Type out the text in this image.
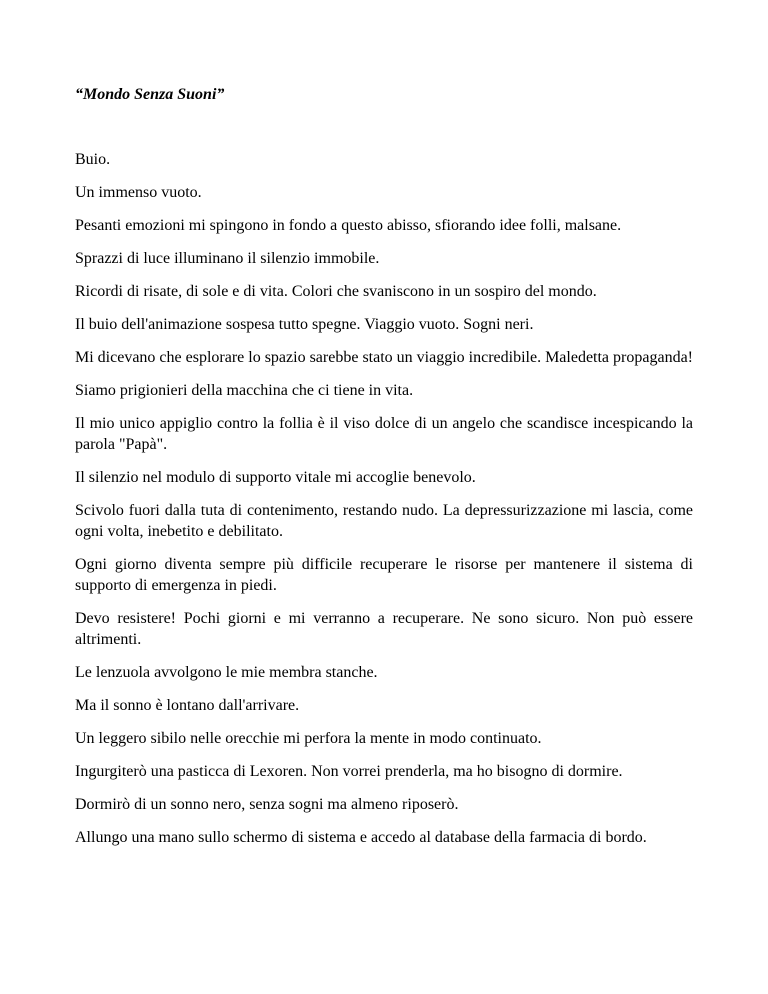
“Mondo Senza Suoni”

Buio.

Un immenso vuoto.

Pesanti emozioni mi spingono in fondo a questo abisso, sfiorando idee folli, malsane.

Sprazzi di luce illuminano il silenzio immobile.

Ricordi di risate, di sole e di vita. Colori che svaniscono in un sospiro del mondo.

Il buio dell'animazione sospesa tutto spegne. Viaggio vuoto. Sogni neri.

Mi dicevano che esplorare lo spazio sarebbe stato un viaggio incredibile. Maledetta propaganda!

Siamo prigionieri della macchina che ci tiene in vita.

Il mio unico appiglio contro la follia è il viso dolce di un angelo che scandisce incespicando la parola "Papà".

Il silenzio nel modulo di supporto vitale mi accoglie benevolo.

Scivolo fuori dalla tuta di contenimento, restando nudo. La depressurizzazione mi lascia, come ogni volta, inebetito e debilitato.

Ogni giorno diventa sempre più difficile recuperare le risorse per mantenere il sistema di supporto di emergenza in piedi.

Devo resistere! Pochi giorni e mi verranno a recuperare. Ne sono sicuro. Non può essere altrimenti.

Le lenzuola avvolgono le mie membra stanche.

Ma il sonno è lontano dall'arrivare.

Un leggero sibilo nelle orecchie mi perfora la mente in modo continuato.

Ingurgiterò una pasticca di Lexoren. Non vorrei prenderla, ma ho bisogno di dormire.

Dormirò di un sonno nero, senza sogni ma almeno riposerò.

Allungo una mano sullo schermo di sistema e accedo al database della farmacia di bordo.
